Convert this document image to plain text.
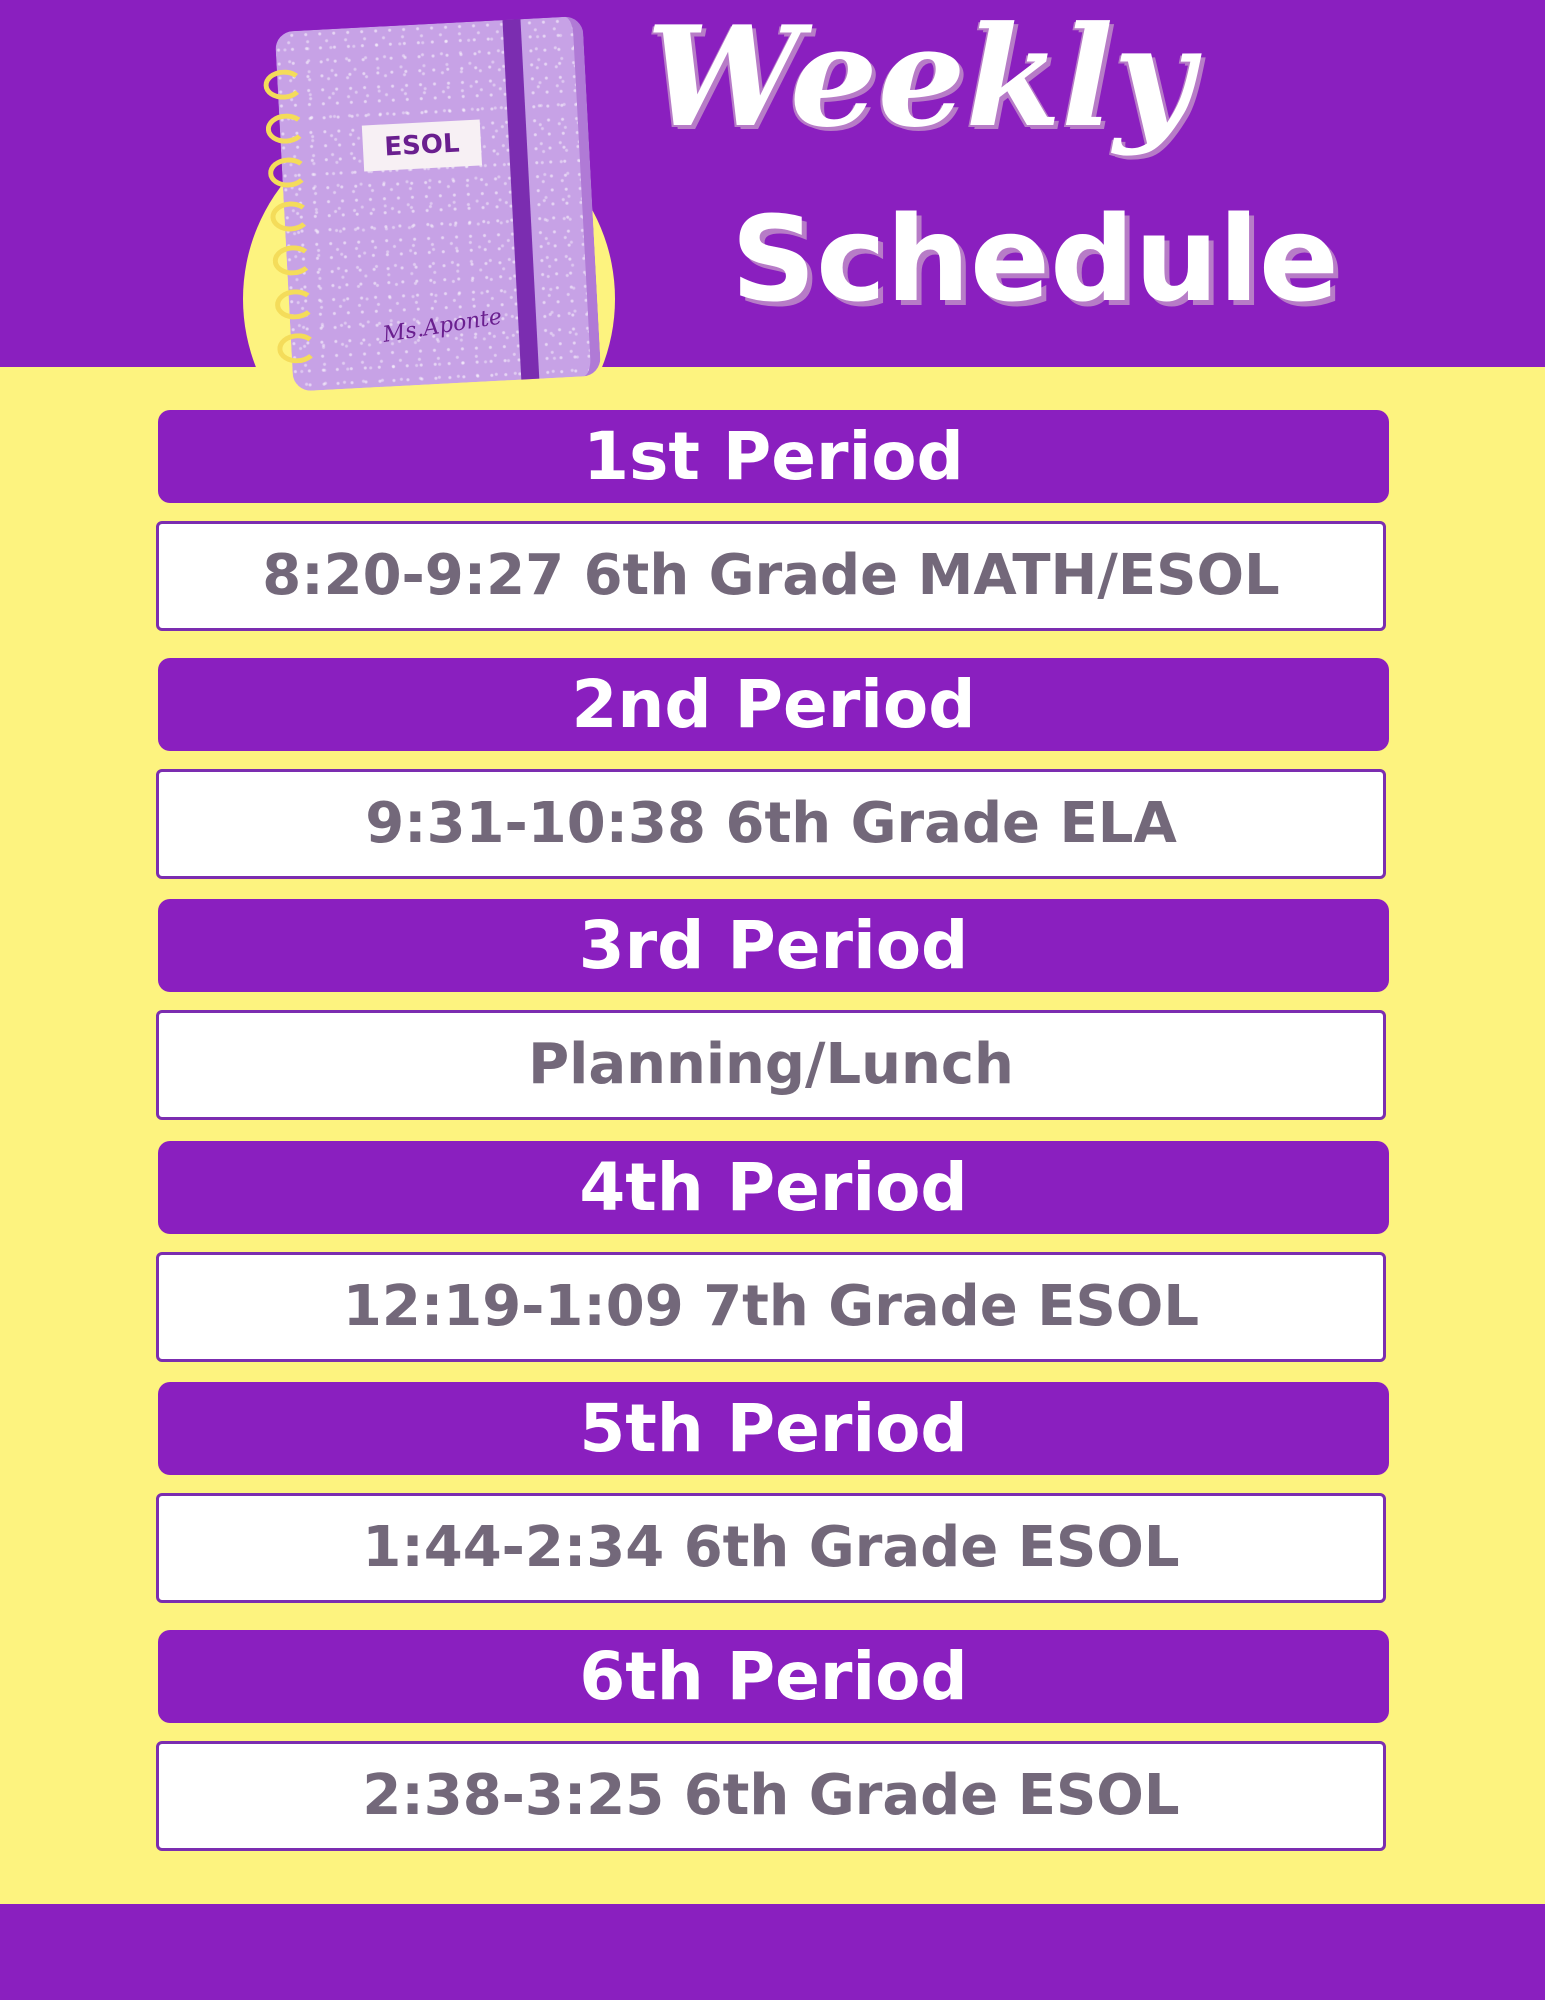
ESOL
Ms.Aponte
Weekly
Schedule
1st Period
8:20-9:27 6th Grade MATH/ESOL
2nd Period
9:31-10:38 6th Grade ELA
3rd Period
Planning/Lunch
4th Period
12:19-1:09 7th Grade ESOL
5th Period
1:44-2:34 6th Grade ESOL
6th Period
2:38-3:25 6th Grade ESOL
